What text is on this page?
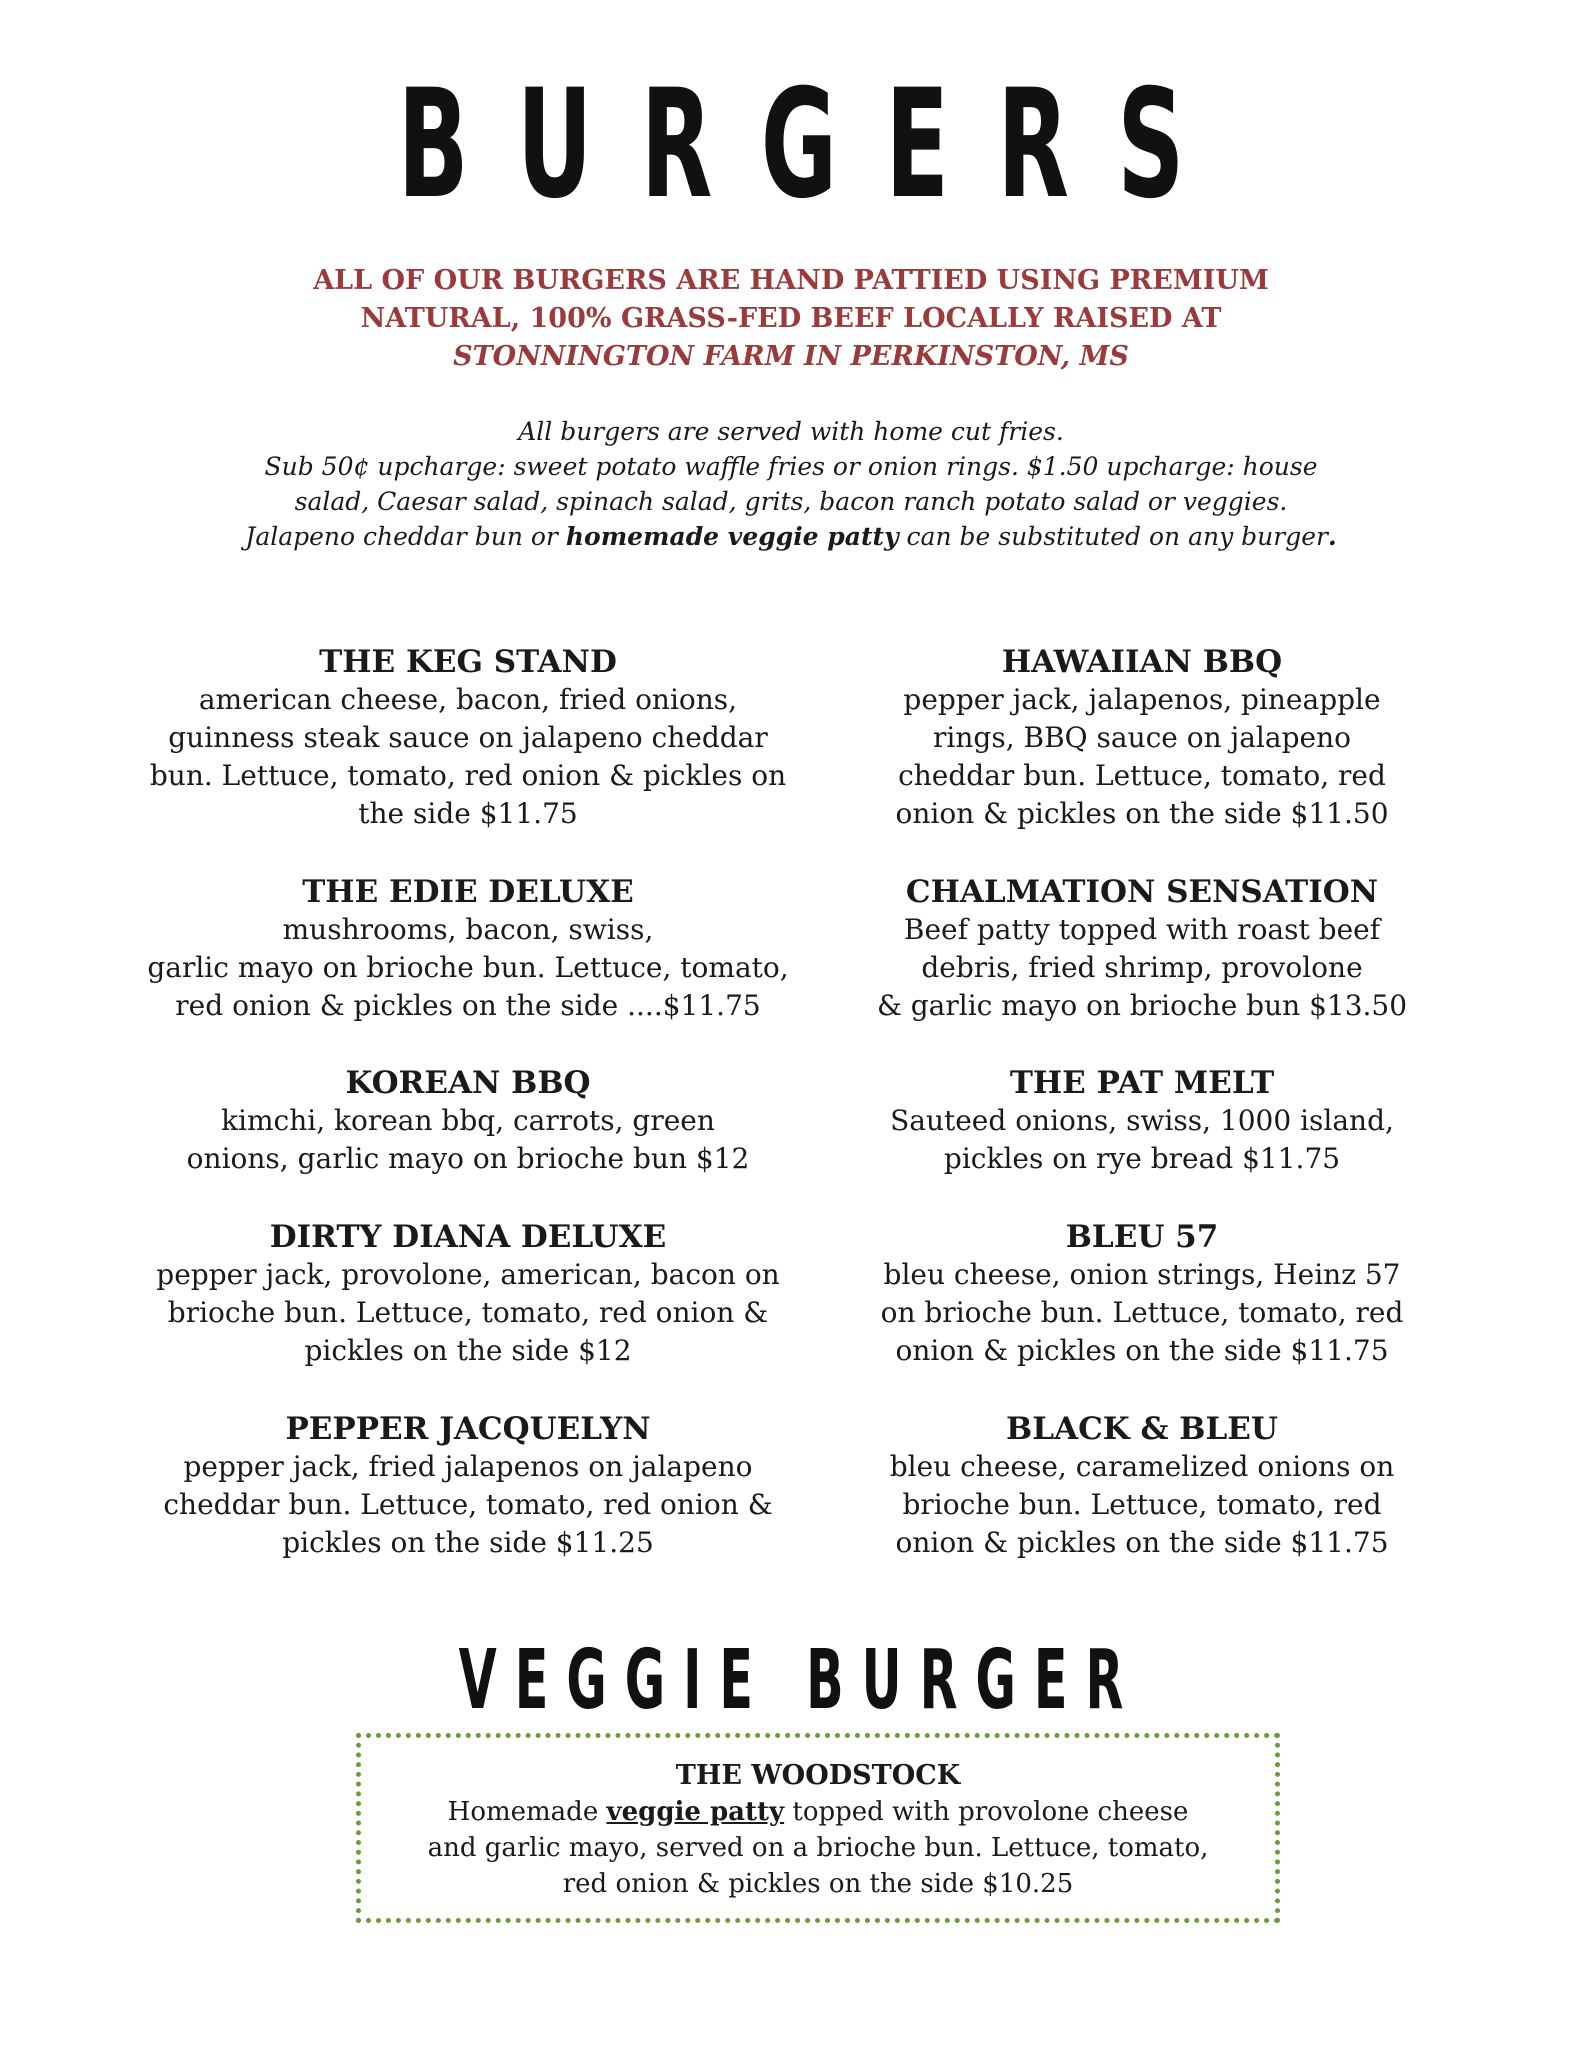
BURGERS
ALL OF OUR BURGERS ARE HAND PATTIED USING PREMIUM
NATURAL, 100% GRASS-FED BEEF LOCALLY RAISED AT
STONNINGTON FARM IN PERKINSTON, MS
All burgers are served with home cut fries.
Sub 50¢ upcharge: sweet potato waffle fries or onion rings. $1.50 upcharge: house
salad, Caesar salad, spinach salad, grits, bacon ranch potato salad or veggies.
Jalapeno cheddar bun or homemade veggie patty can be substituted on any burger.
THE KEG STAND
american cheese, bacon, fried onions,
guinness steak sauce on jalapeno cheddar
bun. Lettuce, tomato, red onion & pickles on
the side $11.75
THE EDIE DELUXE
mushrooms, bacon, swiss,
garlic mayo on brioche bun. Lettuce, tomato,
red onion & pickles on the side ....$11.75
KOREAN BBQ
kimchi, korean bbq, carrots, green
onions, garlic mayo on brioche bun $12
DIRTY DIANA DELUXE
pepper jack, provolone, american, bacon on
brioche bun. Lettuce, tomato, red onion &
pickles on the side $12
PEPPER JACQUELYN
pepper jack, fried jalapenos on jalapeno
cheddar bun. Lettuce, tomato, red onion &
pickles on the side $11.25
HAWAIIAN BBQ
pepper jack, jalapenos, pineapple
rings, BBQ sauce on jalapeno
cheddar bun. Lettuce, tomato, red
onion & pickles on the side $11.50
CHALMATION SENSATION
Beef patty topped with roast beef
debris, fried shrimp, provolone
& garlic mayo on brioche bun $13.50
THE PAT MELT
Sauteed onions, swiss, 1000 island,
pickles on rye bread $11.75
BLEU 57
bleu cheese, onion strings, Heinz 57
on brioche bun. Lettuce, tomato, red
onion & pickles on the side $11.75
BLACK & BLEU
bleu cheese, caramelized onions on
brioche bun. Lettuce, tomato, red
onion & pickles on the side $11.75
VEGGIE BURGER
THE WOODSTOCK
Homemade veggie patty topped with provolone cheese
and garlic mayo, served on a brioche bun. Lettuce, tomato,
red onion & pickles on the side $10.25
